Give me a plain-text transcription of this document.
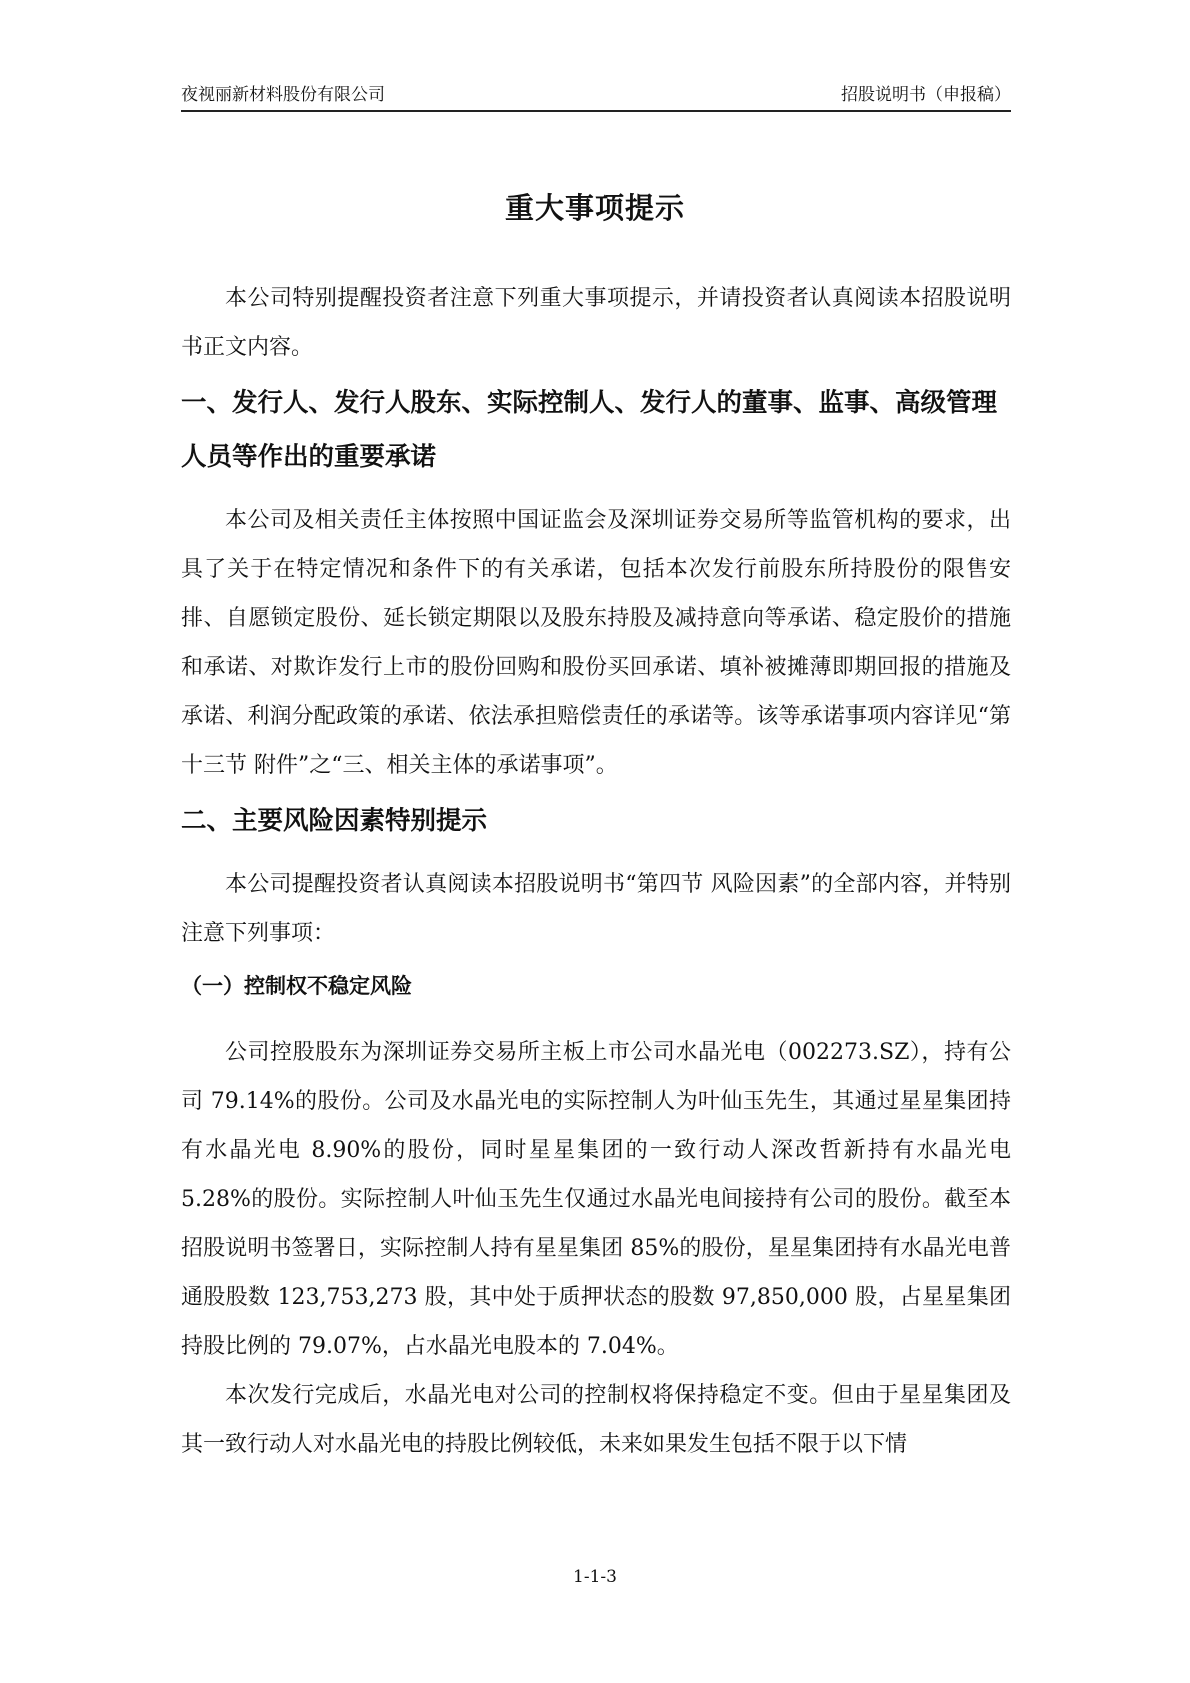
夜视丽新材料股份有限公司	招股说明书（申报稿）
重大事项提示

本公司特别提醒投资者注意下列重大事项提示，并请投资者认真阅读本招股说明书正文内容。

一、发行人、发行人股东、实际控制人、发行人的董事、监事、高级管理人员等作出的重要承诺

本公司及相关责任主体按照中国证监会及深圳证券交易所等监管机构的要求，出具了关于在特定情况和条件下的有关承诺，包括本次发行前股东所持股份的限售安排、自愿锁定股份、延长锁定期限以及股东持股及减持意向等承诺、稳定股价的措施和承诺、对欺诈发行上市的股份回购和股份买回承诺、填补被摊薄即期回报的措施及承诺、利润分配政策的承诺、依法承担赔偿责任的承诺等。该等承诺事项内容详见“第十三节 附件”之“三、相关主体的承诺事项”。

二、主要风险因素特别提示

本公司提醒投资者认真阅读本招股说明书“第四节 风险因素”的全部内容，并特别注意下列事项：

（一）控制权不稳定风险

公司控股股东为深圳证券交易所主板上市公司水晶光电（002273.SZ），持有公司 79.14%的股份。公司及水晶光电的实际控制人为叶仙玉先生，其通过星星集团持有水晶光电 8.90%的股份，同时星星集团的一致行动人深改哲新持有水晶光电 5.28%的股份。实际控制人叶仙玉先生仅通过水晶光电间接持有公司的股份。截至本招股说明书签署日，实际控制人持有星星集团 85%的股份，星星集团持有水晶光电普通股股数 123,753,273 股，其中处于质押状态的股数 97,850,000 股，占星星集团持股比例的 79.07%，占水晶光电股本的 7.04%。

本次发行完成后，水晶光电对公司的控制权将保持稳定不变。但由于星星集团及其一致行动人对水晶光电的持股比例较低，未来如果发生包括不限于以下情

1-1-3
